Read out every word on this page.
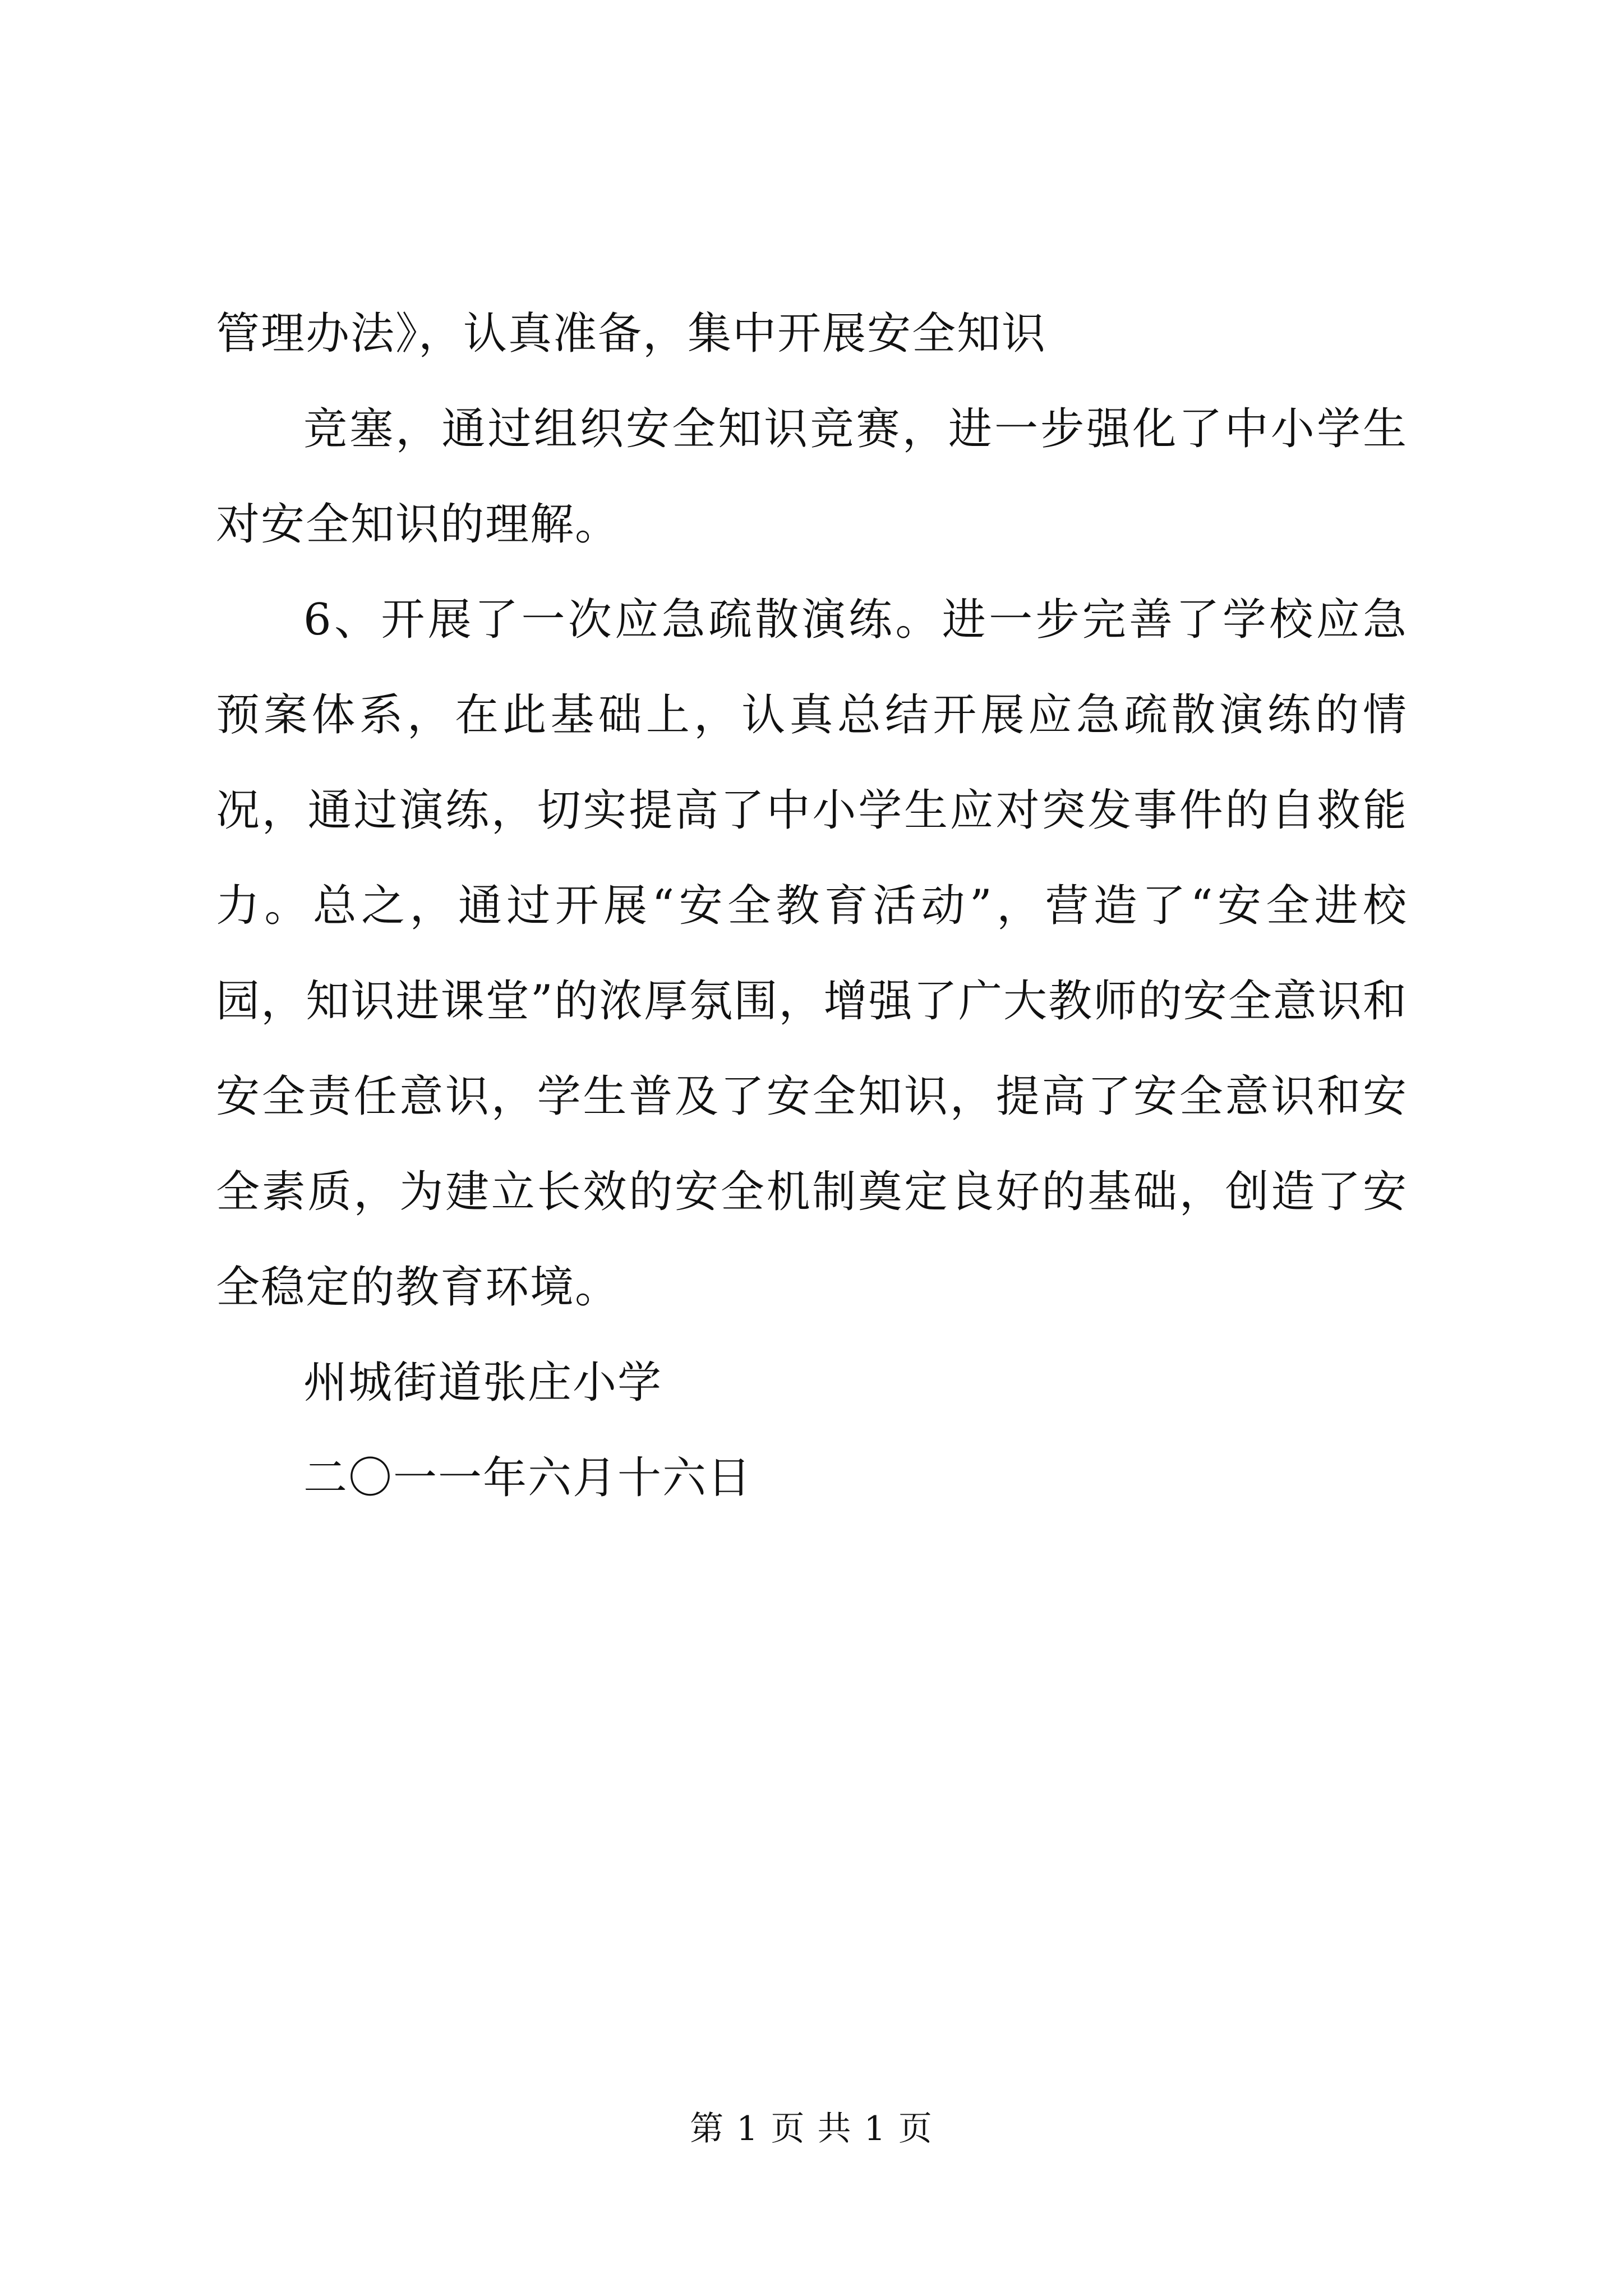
管理办法》，认真准备，集中开展安全知识

竞塞，通过组织安全知识竞赛，进一步强化了中小学生对安全知识的理解。

6、开展了一次应急疏散演练。进一步完善了学校应急预案体系，在此基础上，认真总结开展应急疏散演练的情况，通过演练，切实提高了中小学生应对突发事件的自救能力。总之，通过开展“安全教育活动”，营造了“安全进校园，知识进课堂”的浓厚氛围，增强了广大教师的安全意识和安全责任意识，学生普及了安全知识，提高了安全意识和安全素质，为建立长效的安全机制奠定良好的基础，创造了安全稳定的教育环境。

州城街道张庄小学

二〇一一年六月十六日

第 1 页 共 1 页
